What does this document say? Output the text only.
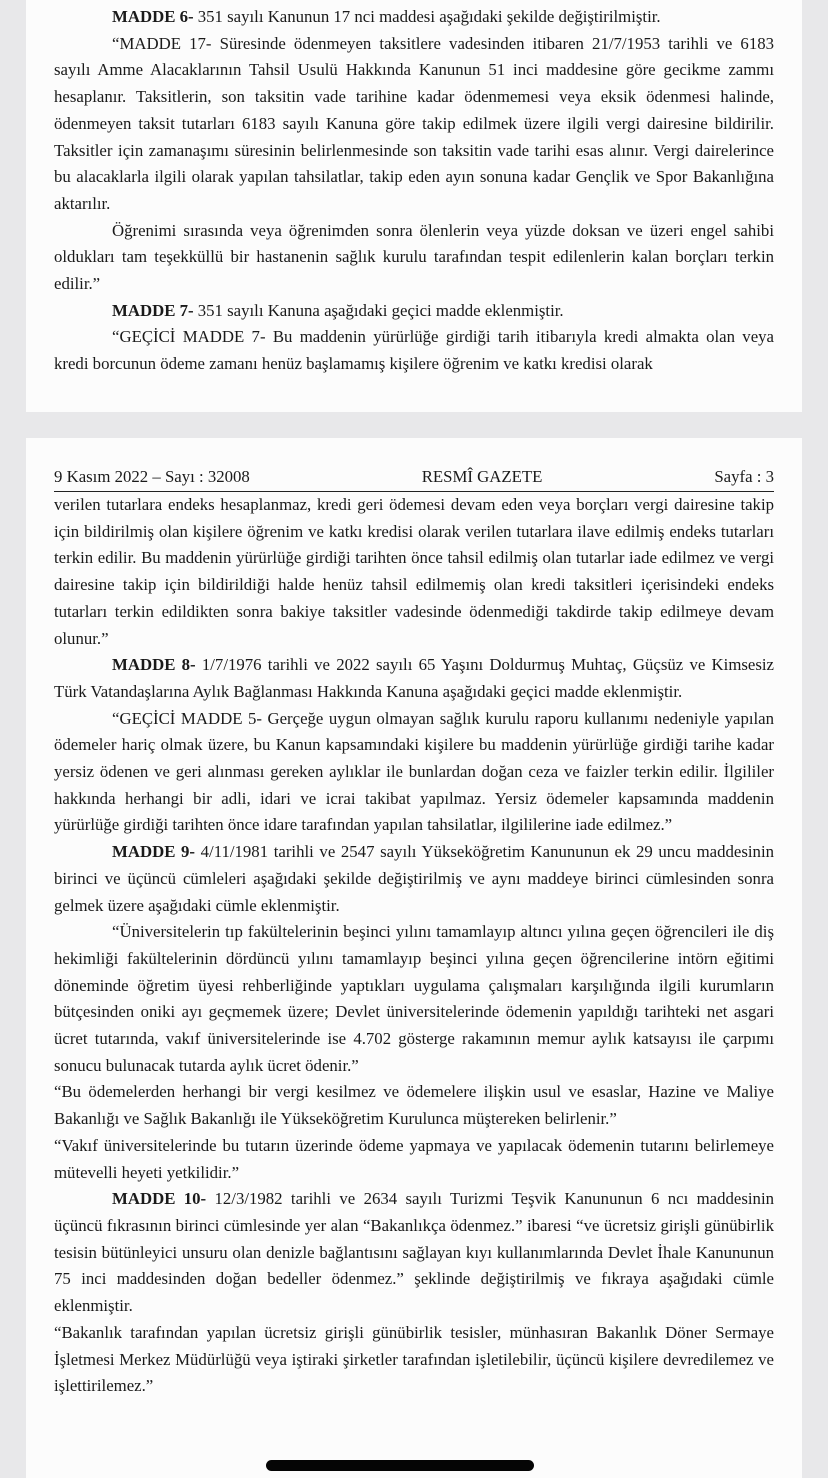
MADDE 6- 351 sayılı Kanunun 17 nci maddesi aşağıdaki şekilde değiştirilmiştir.

“MADDE 17- Süresinde ödenmeyen taksitlere vadesinden itibaren 21/7/1953 tarihli ve 6183 sayılı Amme Alacaklarının Tahsil Usulü Hakkında Kanunun 51 inci maddesine göre gecikme zammı hesaplanır. Taksitlerin, son taksitin vade tarihine kadar ödenmemesi veya eksik ödenmesi halinde, ödenmeyen taksit tutarları 6183 sayılı Kanuna göre takip edilmek üzere ilgili vergi dairesine bildirilir. Taksitler için zamanaşımı süresinin belirlenmesinde son taksitin vade tarihi esas alınır. Vergi dairelerince bu alacaklarla ilgili olarak yapılan tahsilatlar, takip eden ayın sonuna kadar Gençlik ve Spor Bakanlığına aktarılır.

Öğrenimi sırasında veya öğrenimden sonra ölenlerin veya yüzde doksan ve üzeri engel sahibi oldukları tam teşekküllü bir hastanenin sağlık kurulu tarafından tespit edilenlerin kalan borçları terkin edilir.”

MADDE 7- 351 sayılı Kanuna aşağıdaki geçici madde eklenmiştir.

“GEÇİCİ MADDE 7- Bu maddenin yürürlüğe girdiği tarih itibarıyla kredi almakta olan veya kredi borcunun ödeme zamanı henüz başlamamış kişilere öğrenim ve katkı kredisi olarak

9 Kasım 2022 – Sayı : 32008	RESMÎ GAZETE	Sayfa : 3

verilen tutarlara endeks hesaplanmaz, kredi geri ödemesi devam eden veya borçları vergi dairesine takip için bildirilmiş olan kişilere öğrenim ve katkı kredisi olarak verilen tutarlara ilave edilmiş endeks tutarları terkin edilir. Bu maddenin yürürlüğe girdiği tarihten önce tahsil edilmiş olan tutarlar iade edilmez ve vergi dairesine takip için bildirildiği halde henüz tahsil edilmemiş olan kredi taksitleri içerisindeki endeks tutarları terkin edildikten sonra bakiye taksitler vadesinde ödenmediği takdirde takip edilmeye devam olunur.”

MADDE 8- 1/7/1976 tarihli ve 2022 sayılı 65 Yaşını Doldurmuş Muhtaç, Güçsüz ve Kimsesiz Türk Vatandaşlarına Aylık Bağlanması Hakkında Kanuna aşağıdaki geçici madde eklenmiştir.

“GEÇİCİ MADDE 5- Gerçeğe uygun olmayan sağlık kurulu raporu kullanımı nedeniyle yapılan ödemeler hariç olmak üzere, bu Kanun kapsamındaki kişilere bu maddenin yürürlüğe girdiği tarihe kadar yersiz ödenen ve geri alınması gereken aylıklar ile bunlardan doğan ceza ve faizler terkin edilir. İlgililer hakkında herhangi bir adli, idari ve icrai takibat yapılmaz. Yersiz ödemeler kapsamında maddenin yürürlüğe girdiği tarihten önce idare tarafından yapılan tahsilatlar, ilgililerine iade edilmez.”

MADDE 9- 4/11/1981 tarihli ve 2547 sayılı Yükseköğretim Kanununun ek 29 uncu maddesinin birinci ve üçüncü cümleleri aşağıdaki şekilde değiştirilmiş ve aynı maddeye birinci cümlesinden sonra gelmek üzere aşağıdaki cümle eklenmiştir.

“Üniversitelerin tıp fakültelerinin beşinci yılını tamamlayıp altıncı yılına geçen öğrencileri ile diş hekimliği fakültelerinin dördüncü yılını tamamlayıp beşinci yılına geçen öğrencilerine intörn eğitimi döneminde öğretim üyesi rehberliğinde yaptıkları uygulama çalışmaları karşılığında ilgili kurumların bütçesinden oniki ayı geçmemek üzere; Devlet üniversitelerinde ödemenin yapıldığı tarihteki net asgari ücret tutarında, vakıf üniversitelerinde ise 4.702 gösterge rakamının memur aylık katsayısı ile çarpımı sonucu bulunacak tutarda aylık ücret ödenir.”

“Bu ödemelerden herhangi bir vergi kesilmez ve ödemelere ilişkin usul ve esaslar, Hazine ve Maliye Bakanlığı ve Sağlık Bakanlığı ile Yükseköğretim Kurulunca müştereken belirlenir.”

“Vakıf üniversitelerinde bu tutarın üzerinde ödeme yapmaya ve yapılacak ödemenin tutarını belirlemeye mütevelli heyeti yetkilidir.”

MADDE 10- 12/3/1982 tarihli ve 2634 sayılı Turizmi Teşvik Kanununun 6 ncı maddesinin üçüncü fıkrasının birinci cümlesinde yer alan “Bakanlıkça ödenmez.” ibaresi “ve ücretsiz girişli günübirlik tesisin bütünleyici unsuru olan denizle bağlantısını sağlayan kıyı kullanımlarında Devlet İhale Kanununun 75 inci maddesinden doğan bedeller ödenmez.” şeklinde değiştirilmiş ve fıkraya aşağıdaki cümle eklenmiştir.

“Bakanlık tarafından yapılan ücretsiz girişli günübirlik tesisler, münhasıran Bakanlık Döner Sermaye İşletmesi Merkez Müdürlüğü veya iştiraki şirketler tarafından işletilebilir, üçüncü kişilere devredilemez ve işlettirilemez.”
